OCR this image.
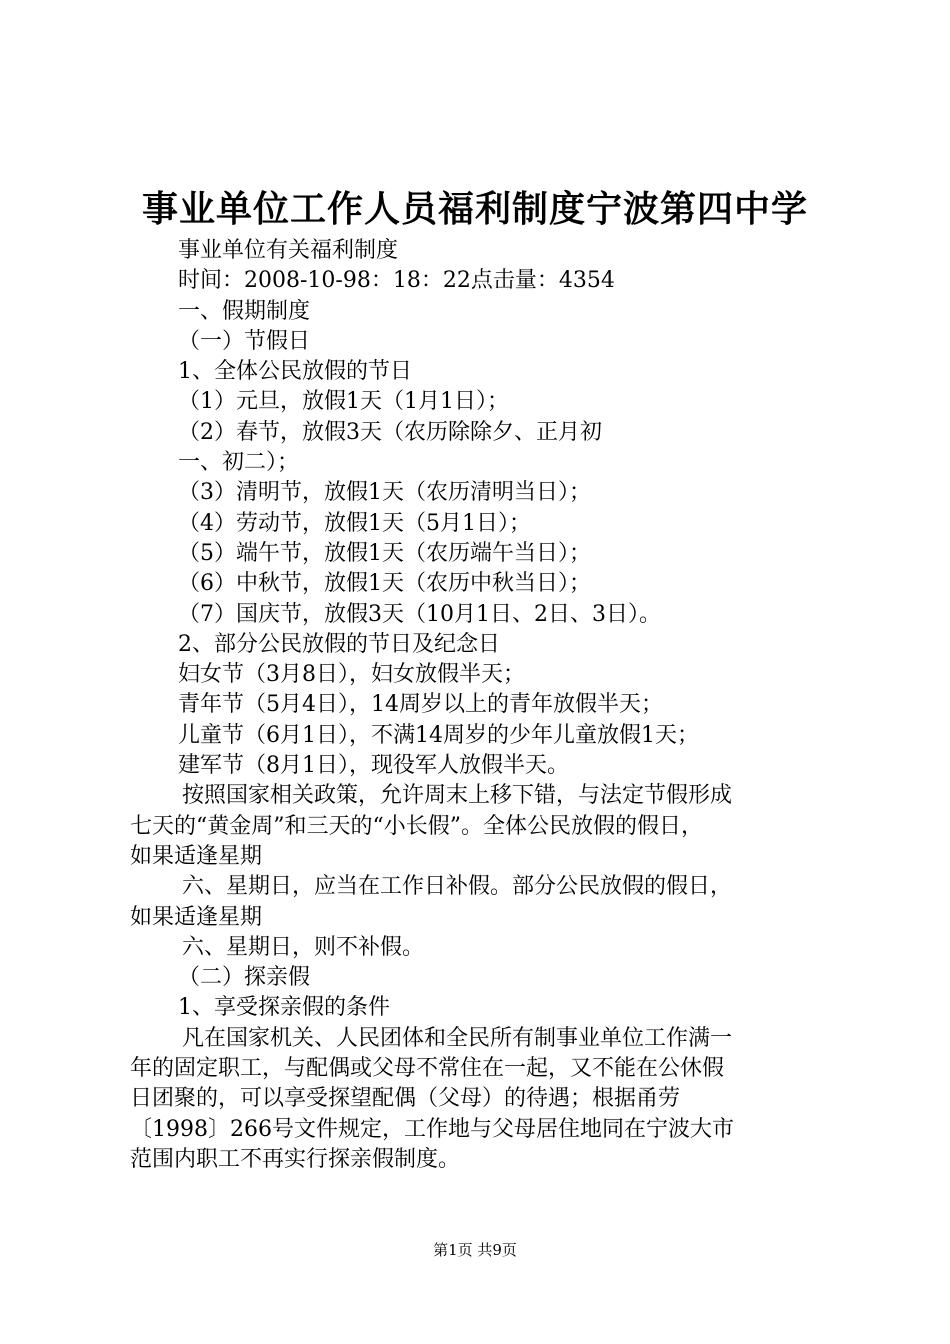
事业单位工作人员福利制度宁波第四中学
事业单位有关福利制度
时间：2008-10-98：18：22点击量：4354
一、假期制度
（一）节假日
1、全体公民放假的节日
（1）元旦，放假1天（1月1日）；
（2）春节，放假3天（农历除除夕、正月初
一、初二）；
（3）清明节，放假1天（农历清明当日）；
（4）劳动节，放假1天（5月1日）；
（5）端午节，放假1天（农历端午当日）；
（6）中秋节，放假1天（农历中秋当日）；
（7）国庆节，放假3天（10月1日、2日、3日）。
2、部分公民放假的节日及纪念日
妇女节（3月8日），妇女放假半天；
青年节（5月4日），14周岁以上的青年放假半天；
儿童节（6月1日），不满14周岁的少年儿童放假1天；
建军节（8月1日），现役军人放假半天。
按照国家相关政策，允许周末上移下错，与法定节假形成
七天的“黄金周”和三天的“小长假”。全体公民放假的假日，
如果适逢星期
六、星期日，应当在工作日补假。部分公民放假的假日，
如果适逢星期
六、星期日，则不补假。
（二）探亲假
1、享受探亲假的条件
凡在国家机关、人民团体和全民所有制事业单位工作满一
年的固定职工，与配偶或父母不常住在一起，又不能在公休假
日团聚的，可以享受探望配偶（父母）的待遇；根据甬劳
〔1998〕266号文件规定，工作地与父母居住地同在宁波大市
范围内职工不再实行探亲假制度。
第1页 共9页
